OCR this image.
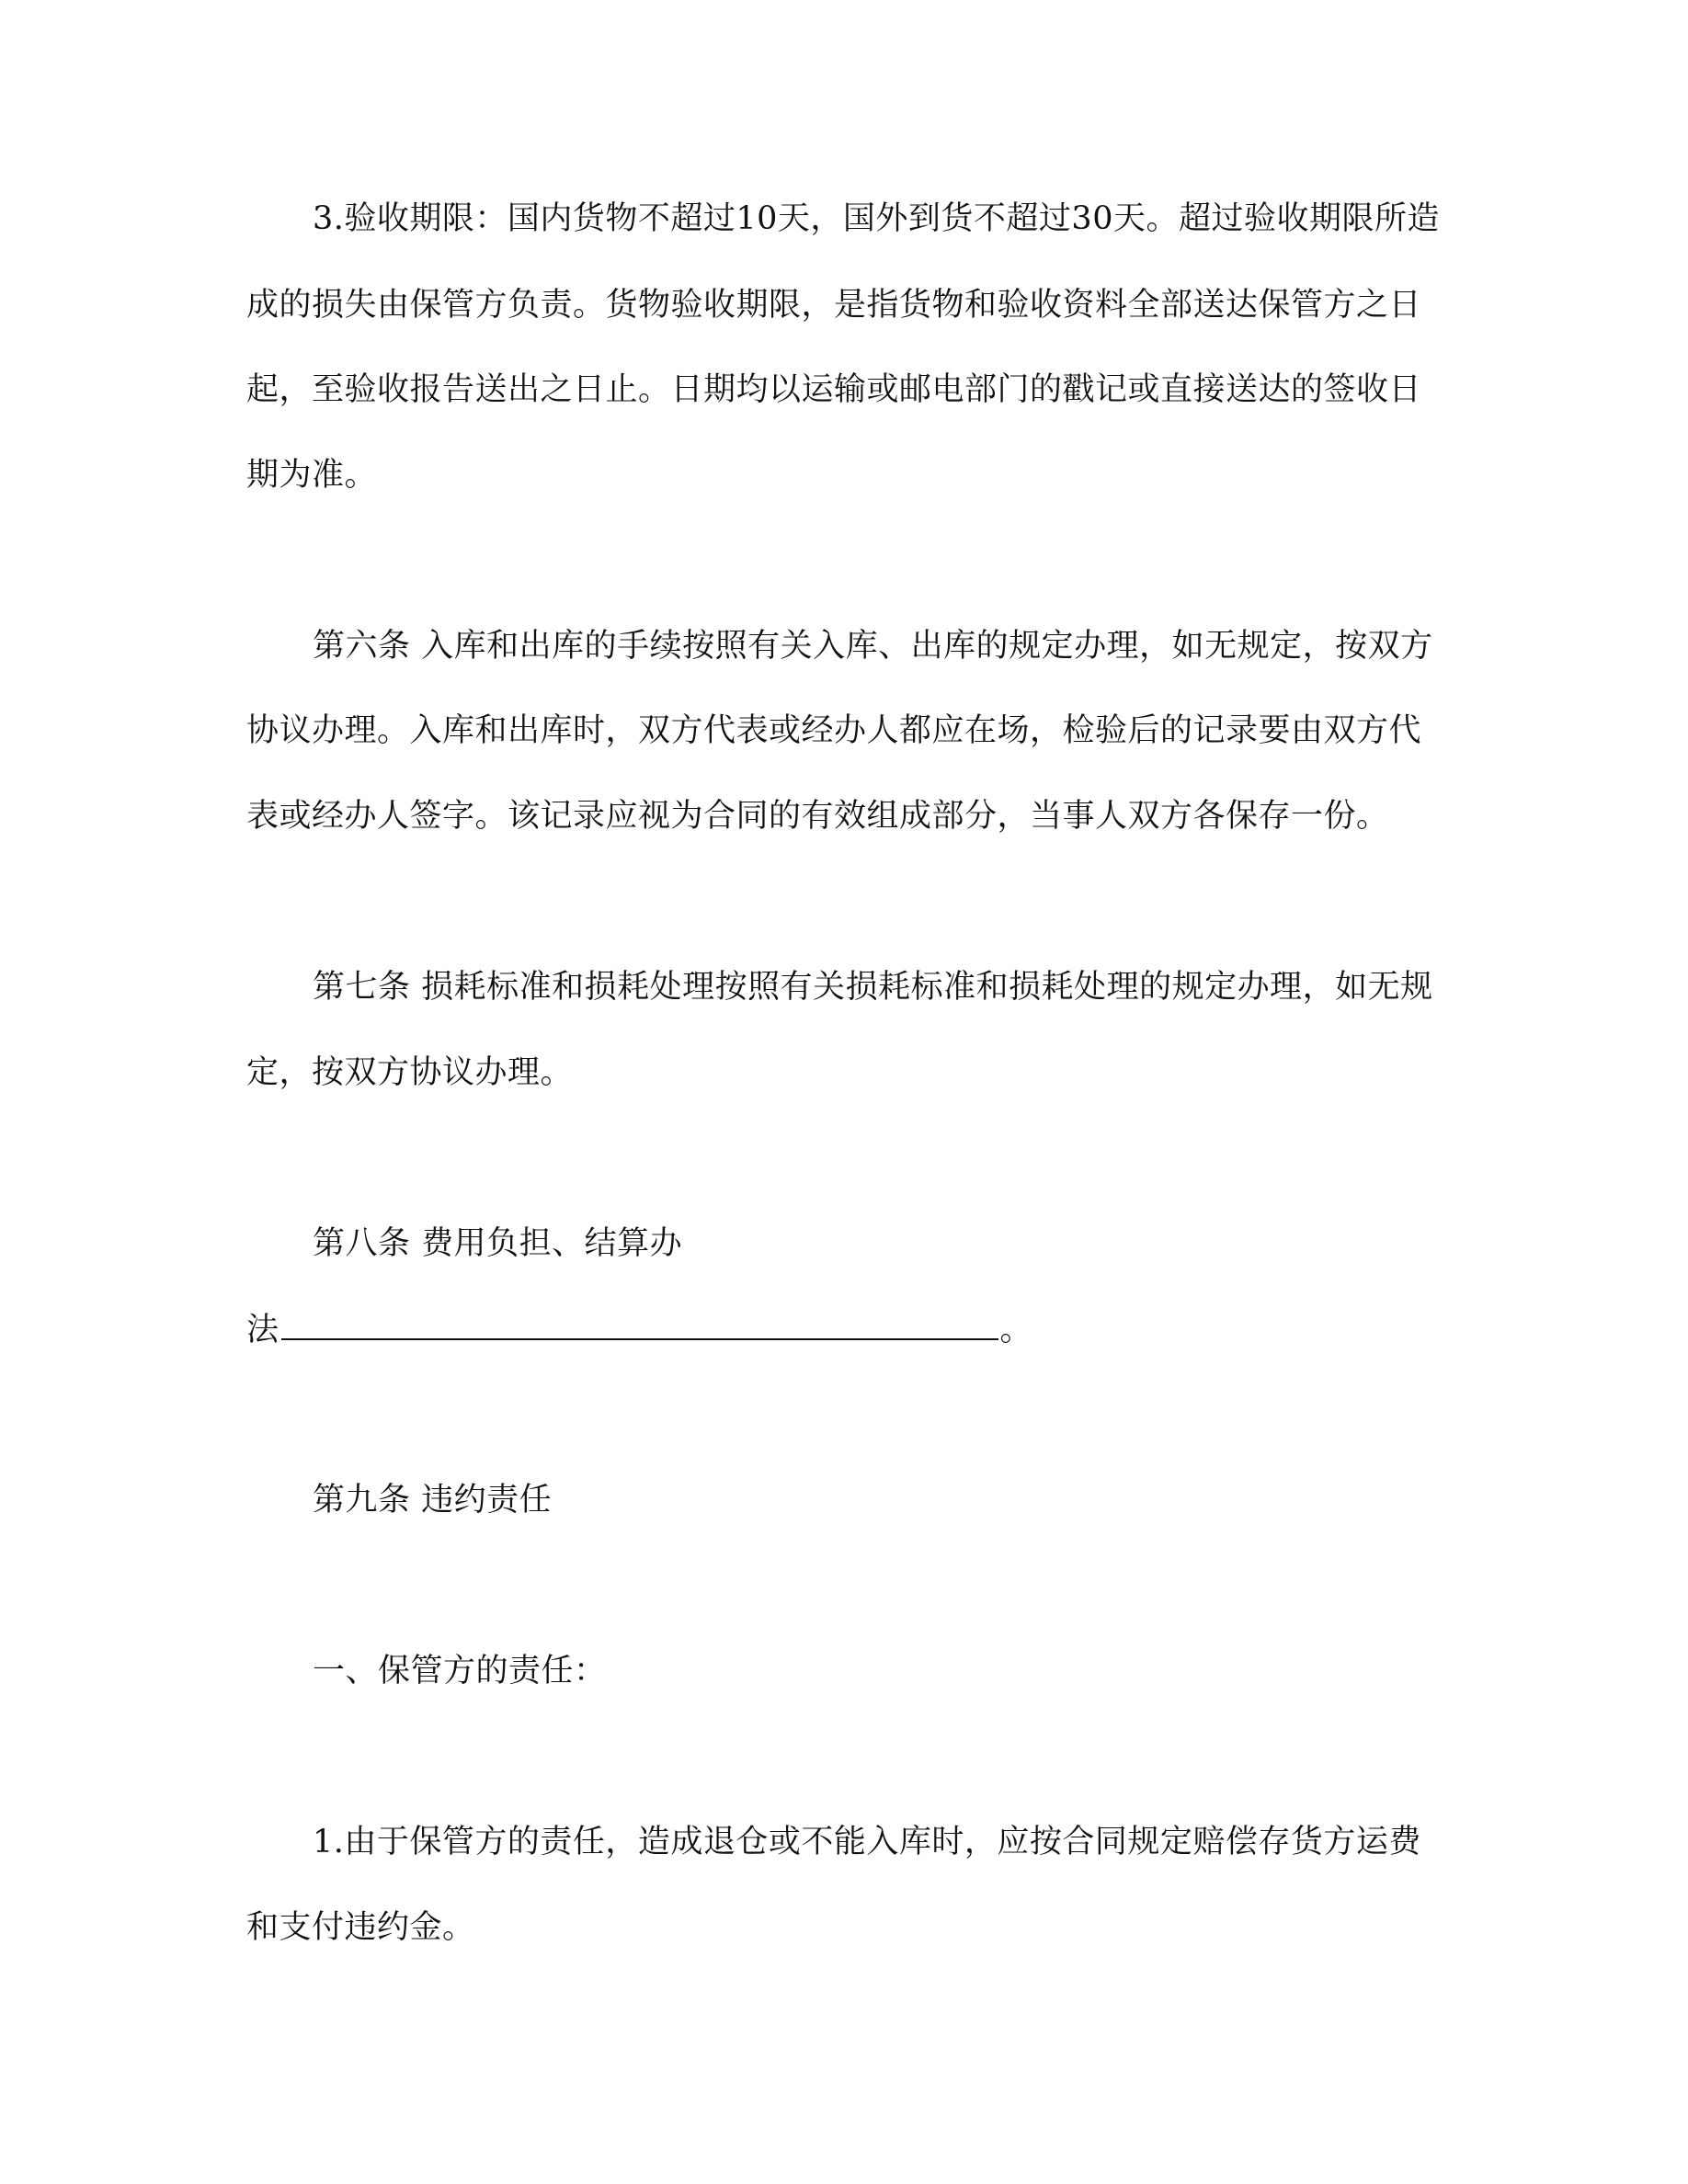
3.验收期限：国内货物不超过10天，国外到货不超过30天。超过验收期限所造
成的损失由保管方负责。货物验收期限，是指货物和验收资料全部送达保管方之日
起，至验收报告送出之日止。日期均以运输或邮电部门的戳记或直接送达的签收日
期为准。
第六条 入库和出库的手续按照有关入库、出库的规定办理，如无规定，按双方
协议办理。入库和出库时，双方代表或经办人都应在场，检验后的记录要由双方代
表或经办人签字。该记录应视为合同的有效组成部分，当事人双方各保存一份。
第七条 损耗标准和损耗处理按照有关损耗标准和损耗处理的规定办理，如无规
定，按双方协议办理。
第八条 费用负担、结算办
法	。
第九条 违约责任
一、保管方的责任：
1.由于保管方的责任，造成退仓或不能入库时，应按合同规定赔偿存货方运费
和支付违约金。
